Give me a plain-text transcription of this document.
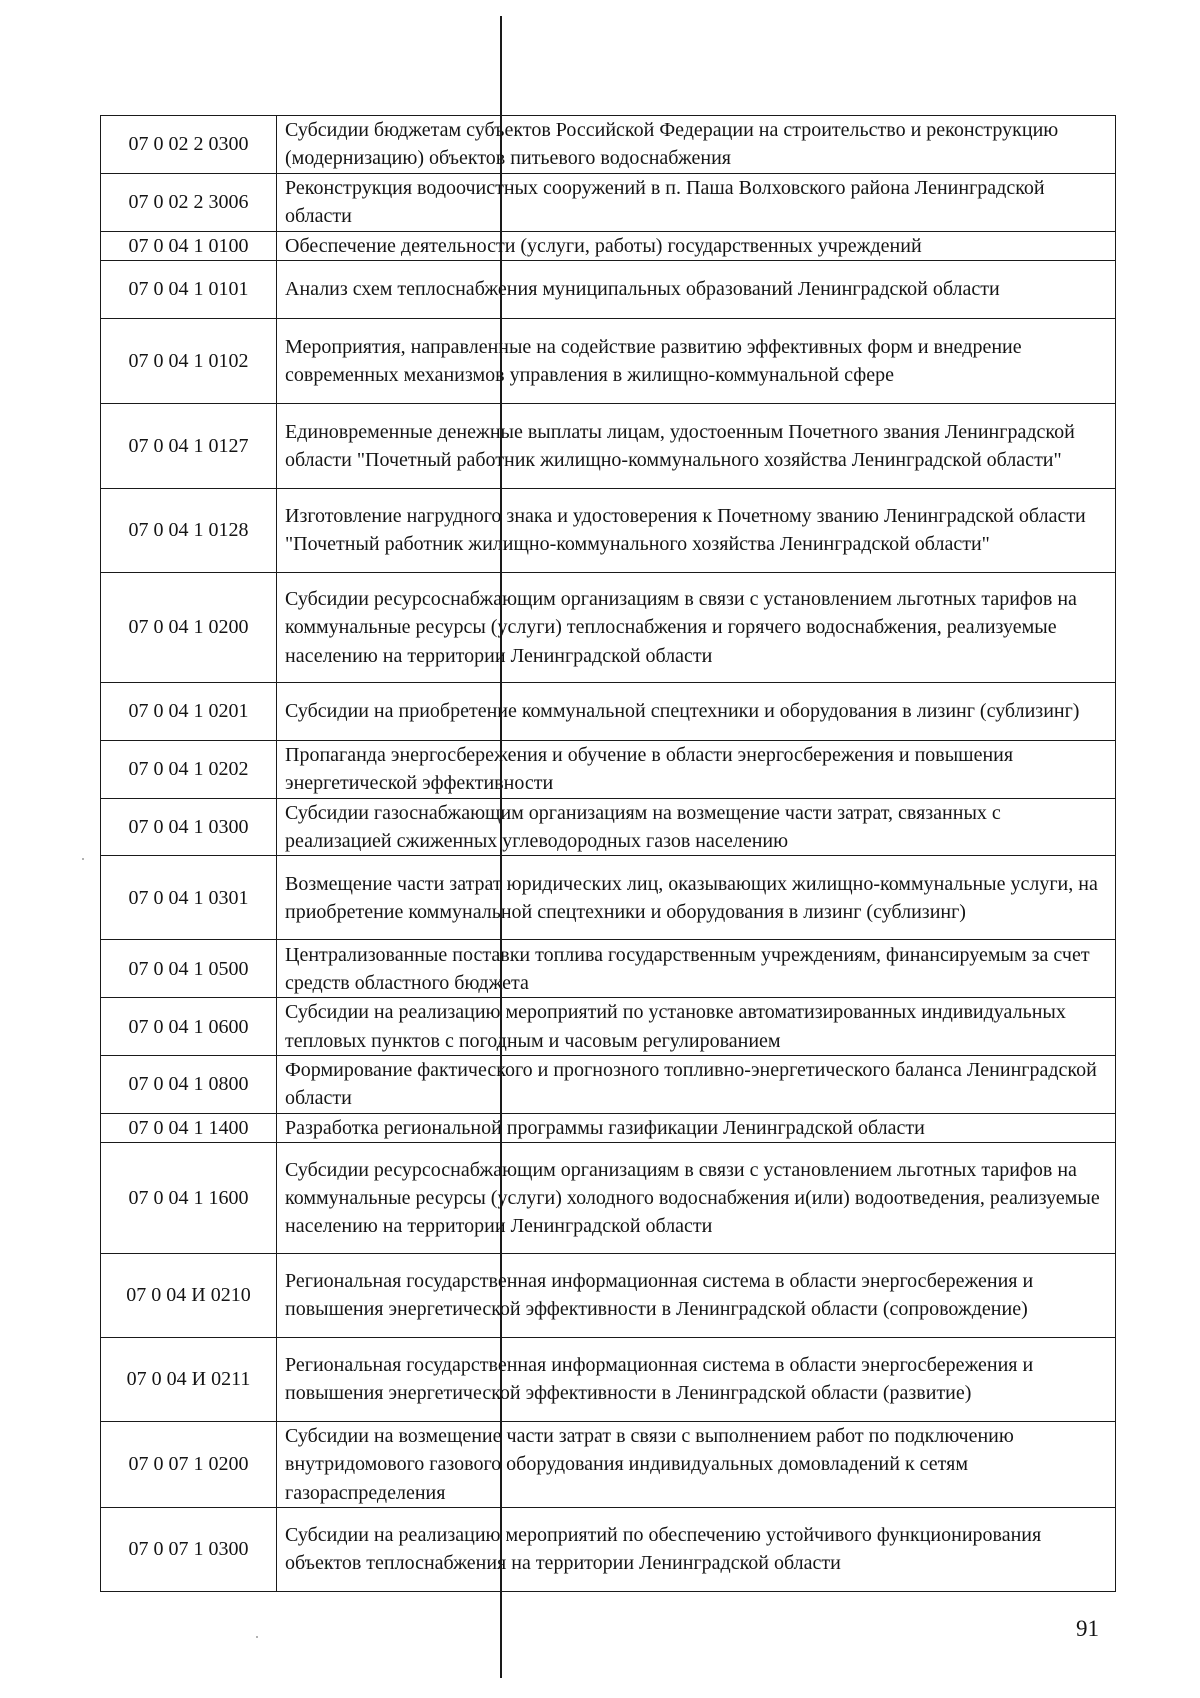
07 0 02 2 0300	Субсидии бюджетам субъектов Российской Федерации на строительство и реконструкцию (модернизацию) объектов питьевого водоснабжения
07 0 02 2 3006	Реконструкция водоочистных сооружений в п. Паша Волховского района Ленинградской области
07 0 04 1 0100	Обеспечение деятельности (услуги, работы) государственных учреждений
07 0 04 1 0101	Анализ схем теплоснабжения муниципальных образований Ленинградской области
07 0 04 1 0102	Мероприятия, направленные на содействие развитию эффективных форм и внедрение современных механизмов управления в жилищно-коммунальной сфере
07 0 04 1 0127	Единовременные денежные выплаты лицам, удостоенным Почетного звания Ленинградской области "Почетный работник жилищно-коммунального хозяйства Ленинградской области"
07 0 04 1 0128	Изготовление нагрудного знака и удостоверения к Почетному званию Ленинградской области "Почетный работник жилищно-коммунального хозяйства Ленинградской области"
07 0 04 1 0200	Субсидии ресурсоснабжающим организациям в связи с установлением льготных тарифов на коммунальные ресурсы (услуги) теплоснабжения и горячего водоснабжения, реализуемые населению на территории Ленинградской области
07 0 04 1 0201	Субсидии на приобретение коммунальной спецтехники и оборудования в лизинг (сублизинг)
07 0 04 1 0202	Пропаганда энергосбережения и обучение в области энергосбережения и повышения энергетической эффективности
07 0 04 1 0300	Субсидии газоснабжающим организациям на возмещение части затрат, связанных с реализацией сжиженных углеводородных газов населению
07 0 04 1 0301	Возмещение части затрат юридических лиц, оказывающих жилищно-коммунальные услуги, на приобретение коммунальной спецтехники и оборудования в лизинг (сублизинг)
07 0 04 1 0500	Централизованные поставки топлива государственным учреждениям, финансируемым за счет средств областного бюджета
07 0 04 1 0600	Субсидии на реализацию мероприятий по установке автоматизированных индивидуальных тепловых пунктов с погодным и часовым регулированием
07 0 04 1 0800	Формирование фактического и прогнозного топливно-энергетического баланса Ленинградской области
07 0 04 1 1400	Разработка региональной программы газификации Ленинградской области
07 0 04 1 1600	Субсидии ресурсоснабжающим организациям в связи с установлением льготных тарифов на коммунальные ресурсы (услуги) холодного водоснабжения и(или) водоотведения, реализуемые населению на территории Ленинградской области
07 0 04 И 0210	Региональная государственная информационная система в области энергосбережения и повышения энергетической эффективности в Ленинградской области (сопровождение)
07 0 04 И 0211	Региональная государственная информационная система в области энергосбережения и повышения энергетической эффективности в Ленинградской области (развитие)
07 0 07 1 0200	Субсидии на возмещение части затрат в связи с выполнением работ по подключению внутридомового газового оборудования индивидуальных домовладений к сетям газораспределения
07 0 07 1 0300	Субсидии на реализацию мероприятий по обеспечению устойчивого функционирования объектов теплоснабжения на территории Ленинградской области
91
